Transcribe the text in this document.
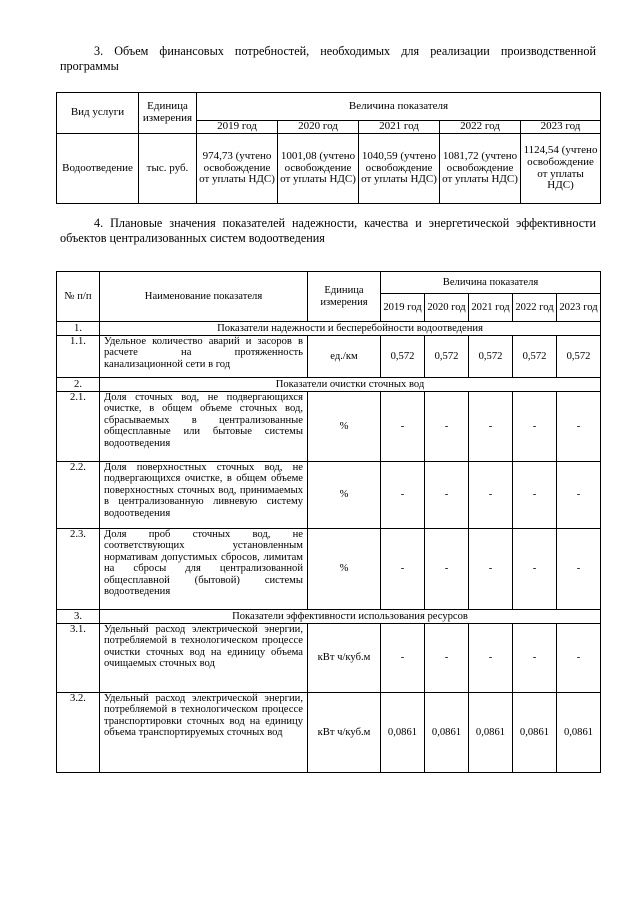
3. Объем финансовых потребностей, необходимых для реализации производственной программы
Вид услуги	Единица измерения	Величина показателя				
		2019 год	2020 год	2021 год	2022 год	2023 год
Водоотведение	тыс. руб.	974,73 (учтено освобождение от уплаты НДС)	1001,08 (учтено освобождение от уплаты НДС)	1040,59 (учтено освобождение от уплаты НДС)	1081,72 (учтено освобождение от уплаты НДС)	1124,54 (учтено освобождение от уплаты НДС)
4. Плановые значения показателей надежности, качества и энергетической эффективности объектов централизованных систем водоотведения
№ п/п	Наименование показателя	Единица измерения	Величина показателя				
			2019 год	2020 год	2021 год	2022 год	2023 год
1.	Показатели надежности и бесперебойности водоотведения						
1.1.	Удельное количество аварий и засоров в расчете на протяженность канализационной сети в год	ед./км	0,572	0,572	0,572	0,572	0,572
2.	Показатели очистки сточных вод						
2.1.	Доля сточных вод, не подвергающихся очистке, в общем объеме сточных вод, сбрасываемых в централизованные общесплавные или бытовые системы водоотведения	%	-	-	-	-	-
2.2.	Доля поверхностных сточных вод, не подвергающихся очистке, в общем объеме поверхностных сточных вод, принимаемых в централизованную ливневую систему водоотведения	%	-	-	-	-	-
2.3.	Доля проб сточных вод, не соответствующих установленным нормативам допустимых сбросов, лимитам на сбросы для централизованной общесплавной (бытовой) системы водоотведения	%	-	-	-	-	-
3.	Показатели эффективности использования ресурсов						
3.1.	Удельный расход электрической энергии, потребляемой в технологическом процессе очистки сточных вод на единицу объема очищаемых сточных вод	кВт ч/куб.м	-	-	-	-	-
3.2.	Удельный расход электрической энергии, потребляемой в технологическом процессе транспортировки сточных вод на единицу объема транспортируемых сточных вод	кВт ч/куб.м	0,0861	0,0861	0,0861	0,0861	0,0861
